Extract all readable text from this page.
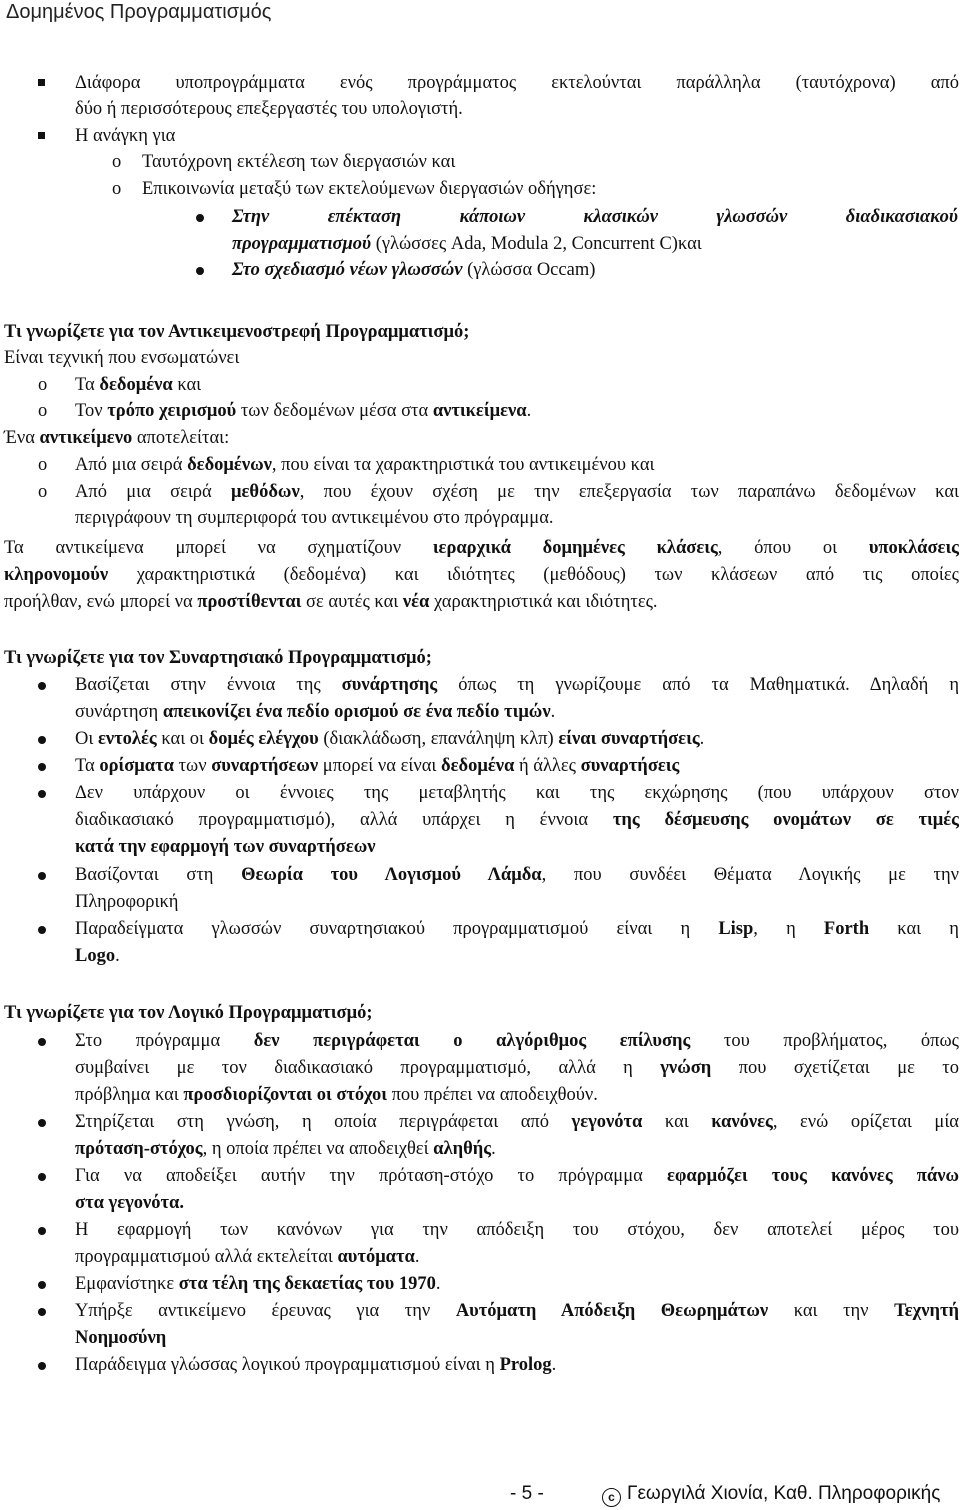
Δομημένος Προγραμματισμός
Διάφορα υποπρογράμματα ενός προγράμματος εκτελούνται παράλληλα (ταυτόχρονα) από
δύο ή περισσότερους επεξεργαστές του υπολογιστή.
Η ανάγκη για
o Ταυτόχρονη εκτέλεση των διεργασιών και
o Επικοινωνία μεταξύ των εκτελούμενων διεργασιών οδήγησε:
Στην επέκταση κάποιων κλασικών γλωσσών διαδικασιακού
προγραμματισμού (γλώσσες Ada, Modula 2, Concurrent C)και
Στο σχεδιασμό νέων γλωσσών (γλώσσα Occam)
Τι γνωρίζετε για τον Αντικειμενοστρεφή Προγραμματισμό;
Είναι τεχνική που ενσωματώνει
o Τα δεδομένα και
o Τον τρόπο χειρισμού των δεδομένων μέσα στα αντικείμενα.
Ένα αντικείμενο αποτελείται:
o Από μια σειρά δεδομένων, που είναι τα χαρακτηριστικά του αντικειμένου και
o Από μια σειρά μεθόδων, που έχουν σχέση με την επεξεργασία των παραπάνω δεδομένων και
περιγράφουν τη συμπεριφορά του αντικειμένου στο πρόγραμμα.
Τα αντικείμενα μπορεί να σχηματίζουν ιεραρχικά δομημένες κλάσεις, όπου οι υποκλάσεις
κληρονομούν χαρακτηριστικά (δεδομένα) και ιδιότητες (μεθόδους) των κλάσεων από τις οποίες
προήλθαν, ενώ μπορεί να προστίθενται σε αυτές και νέα χαρακτηριστικά και ιδιότητες.
Τι γνωρίζετε για τον Συναρτησιακό Προγραμματισμό;
Βασίζεται στην έννοια της συνάρτησης όπως τη γνωρίζουμε από τα Μαθηματικά. Δηλαδή η
συνάρτηση απεικονίζει ένα πεδίο ορισμού σε ένα πεδίο τιμών.
Οι εντολές και οι δομές ελέγχου (διακλάδωση, επανάληψη κλπ) είναι συναρτήσεις.
Τα ορίσματα των συναρτήσεων μπορεί να είναι δεδομένα ή άλλες συναρτήσεις
Δεν υπάρχουν οι έννοιες της μεταβλητής και της εκχώρησης (που υπάρχουν στον
διαδικασιακό προγραμματισμό), αλλά υπάρχει η έννοια της δέσμευσης ονομάτων σε τιμές
κατά την εφαρμογή των συναρτήσεων
Βασίζονται στη Θεωρία του Λογισμού Λάμδα, που συνδέει Θέματα Λογικής με την
Πληροφορική
Παραδείγματα γλωσσών συναρτησιακού προγραμματισμού είναι η Lisp, η Forth και η
Logo.
Τι γνωρίζετε για τον Λογικό Προγραμματισμό;
Στο πρόγραμμα δεν περιγράφεται ο αλγόριθμος επίλυσης του προβλήματος, όπως
συμβαίνει με τον διαδικασιακό προγραμματισμό, αλλά η γνώση που σχετίζεται με το
πρόβλημα και προσδιορίζονται οι στόχοι που πρέπει να αποδειχθούν.
Στηρίζεται στη γνώση, η οποία περιγράφεται από γεγονότα και κανόνες, ενώ ορίζεται μία
πρόταση-στόχος, η οποία πρέπει να αποδειχθεί αληθής.
Για να αποδείξει αυτήν την πρόταση-στόχο το πρόγραμμα εφαρμόζει τους κανόνες πάνω
στα γεγονότα.
Η εφαρμογή των κανόνων για την απόδειξη του στόχου, δεν αποτελεί μέρος του
προγραμματισμού αλλά εκτελείται αυτόματα.
Εμφανίστηκε στα τέλη της δεκαετίας του 1970.
Υπήρξε αντικείμενο έρευνας για την Αυτόματη Απόδειξη Θεωρημάτων και την Τεχνητή
Νοημοσύνη
Παράδειγμα γλώσσας λογικού προγραμματισμού είναι η Prolog.
- 5 -	c Γεωργιλά Χιονία, Καθ. Πληροφορικής
